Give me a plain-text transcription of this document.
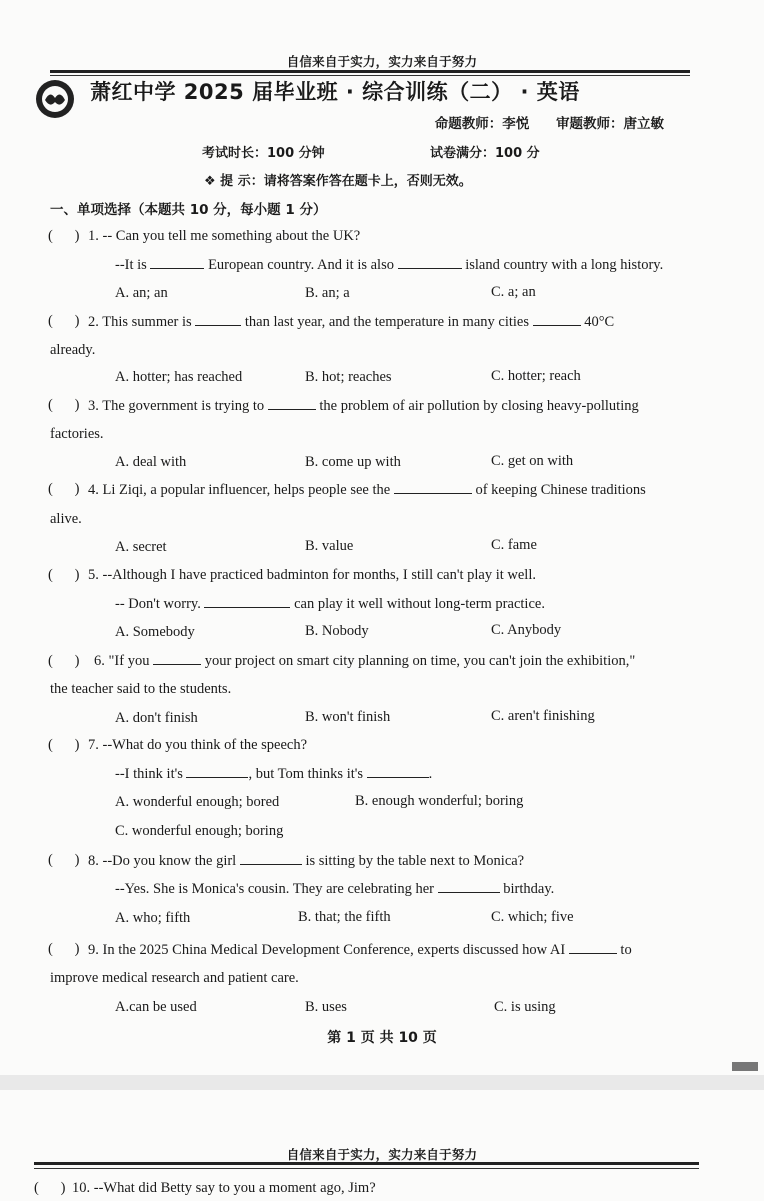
自信来自于实力，实力来自于努力
萧红中学 2025 届毕业班 · 综合训练（二） · 英语
命题教师：李悦 审题教师：唐立敏
考试时长：100 分钟	试卷满分：100 分
❖ 提 示：请将答案作答在题卡上，否则无效。
一、单项选择（本题共 10 分，每小题 1 分）
(      ) 1. -- Can you tell me something about the UK?
--It is	European country. And it is also	island country with a long history.
A. an; an	B. an; a	C. a; an
(      ) 2. This summer is	than last year, and the temperature in many cities	40°C
already.
A. hotter; has reached	B. hot; reaches	C. hotter; reach
(      ) 3. The government is trying to	the problem of air pollution by closing heavy-polluting
factories.
A. deal with	B. come up with	C. get on with
(      ) 4. Li Ziqi, a popular influencer, helps people see the	of keeping Chinese traditions
alive.
A. secret	B. value	C. fame
(      ) 5. --Although I have practiced badminton for months, I still can't play it well.
-- Don't worry.	can play it well without long-term practice.
A. Somebody	B. Nobody	C. Anybody
(      ) 6. "If you	your project on smart city planning on time, you can't join the exhibition,"
the teacher said to the students.
A. don't finish	B. won't finish	C. aren't finishing
(      ) 7. --What do you think of the speech?
--I think it's	, but Tom thinks it's	.
A. wonderful enough; bored	B. enough wonderful; boring
C. wonderful enough; boring
(      ) 8. --Do you know the girl	is sitting by the table next to Monica?
--Yes. She is Monica's cousin. They are celebrating her	birthday.
A. who; fifth	B. that; the fifth	C. which; five
(      ) 9. In the 2025 China Medical Development Conference, experts discussed how AI	to
improve medical research and patient care.
A.can be used	B. uses	C. is using
第 1 页 共 10 页
自信来自于实力，实力来自于努力
(      ) 10. --What did Betty say to you a moment ago, Jim?
